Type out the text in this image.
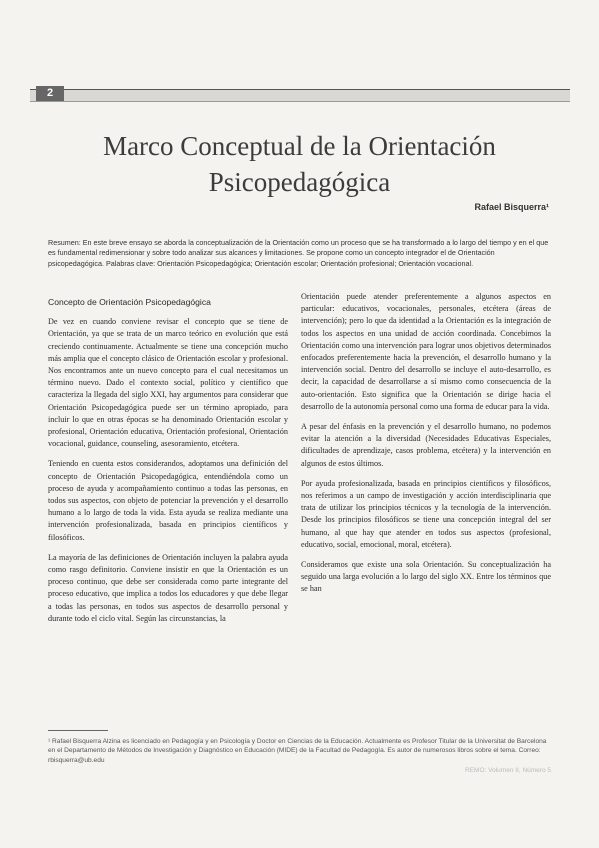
2
Marco Conceptual de la Orientación
Psicopedagógica
Rafael Bisquerra¹

Resumen: En este breve ensayo se aborda la conceptualización de la Orientación como un proceso que se ha transformado a lo largo del tiempo y en el que es fundamental redimensionar y sobre todo analizar sus alcances y limitaciones. Se propone como un concepto integrador el de Orientación psicopedagógica. Palabras clave: Orientación Psicopedagógica; Orientación escolar; Orientación profesional; Orientación vocacional.

Concepto de Orientación Psicopedagógica

De vez en cuando conviene revisar el concepto que se tiene de Orientación, ya que se trata de un marco teórico en evolución que está creciendo continuamente. Actualmente se tiene una concepción mucho más amplia que el concepto clásico de Orientación escolar y profesional. Nos encontramos ante un nuevo concepto para el cual necesitamos un término nuevo. Dado el contexto social, político y científico que caracteriza la llegada del siglo XXI, hay argumentos para considerar que Orientación Psicopedagógica puede ser un término apropiado, para incluir lo que en otras épocas se ha denominado Orientación escolar y profesional, Orientación educativa, Orientación profesional, Orientación vocacional, guidance, counseling, asesoramiento, etcétera.

Teniendo en cuenta estos considerandos, adoptamos una definición del concepto de Orientación Psicopedagógica, entendiéndola como un proceso de ayuda y acompañamiento continuo a todas las personas, en todos sus aspectos, con objeto de potenciar la prevención y el desarrollo humano a lo largo de toda la vida. Esta ayuda se realiza mediante una intervención profesionalizada, basada en principios científicos y filosóficos.

La mayoría de las definiciones de Orientación incluyen la palabra ayuda como rasgo definitorio. Conviene insistir en que la Orientación es un proceso continuo, que debe ser considerada como parte integrante del proceso educativo, que implica a todos los educadores y que debe llegar a todas las personas, en todos sus aspectos de desarrollo personal y durante todo el ciclo vital. Según las circunstancias, la

Orientación puede atender preferentemente a algunos aspectos en particular: educativos, vocacionales, personales, etcétera (áreas de intervención); pero lo que da identidad a la Orientación es la integración de todos los aspectos en una unidad de acción coordinada. Concebimos la Orientación como una intervención para lograr unos objetivos determinados enfocados preferentemente hacia la prevención, el desarrollo humano y la intervención social. Dentro del desarrollo se incluye el auto-desarrollo, es decir, la capacidad de desarrollarse a sí mismo como consecuencia de la auto-orientación. Esto significa que la Orientación se dirige hacia el desarrollo de la autonomía personal como una forma de educar para la vida.

A pesar del énfasis en la prevención y el desarrollo humano, no podemos evitar la atención a la diversidad (Necesidades Educativas Especiales, dificultades de aprendizaje, casos problema, etcétera) y la intervención en algunos de estos últimos.

Por ayuda profesionalizada, basada en principios científicos y filosóficos, nos referimos a un campo de investigación y acción interdisciplinaria que trata de utilizar los principios técnicos y la tecnología de la intervención. Desde los principios filosóficos se tiene una concepción integral del ser humano, al que hay que atender en todos sus aspectos (profesional, educativo, social, emocional, moral, etcétera).

Consideramos que existe una sola Orientación. Su conceptualización ha seguido una larga evolución a lo largo del siglo XX. Entre los términos que se han

¹ Rafael Bisquerra Alzina es licenciado en Pedagogía y en Psicología y Doctor en Ciencias de la Educación. Actualmente es Profesor Titular de la Universitat de Barcelona en el Departamento de Métodos de Investigación y Diagnóstico en Educación (MIDE) de la Facultad de Pedagogía. Es autor de numerosos libros sobre el tema. Correo: rbisquerra@ub.edu
REMO: Volumen II, Número 5
